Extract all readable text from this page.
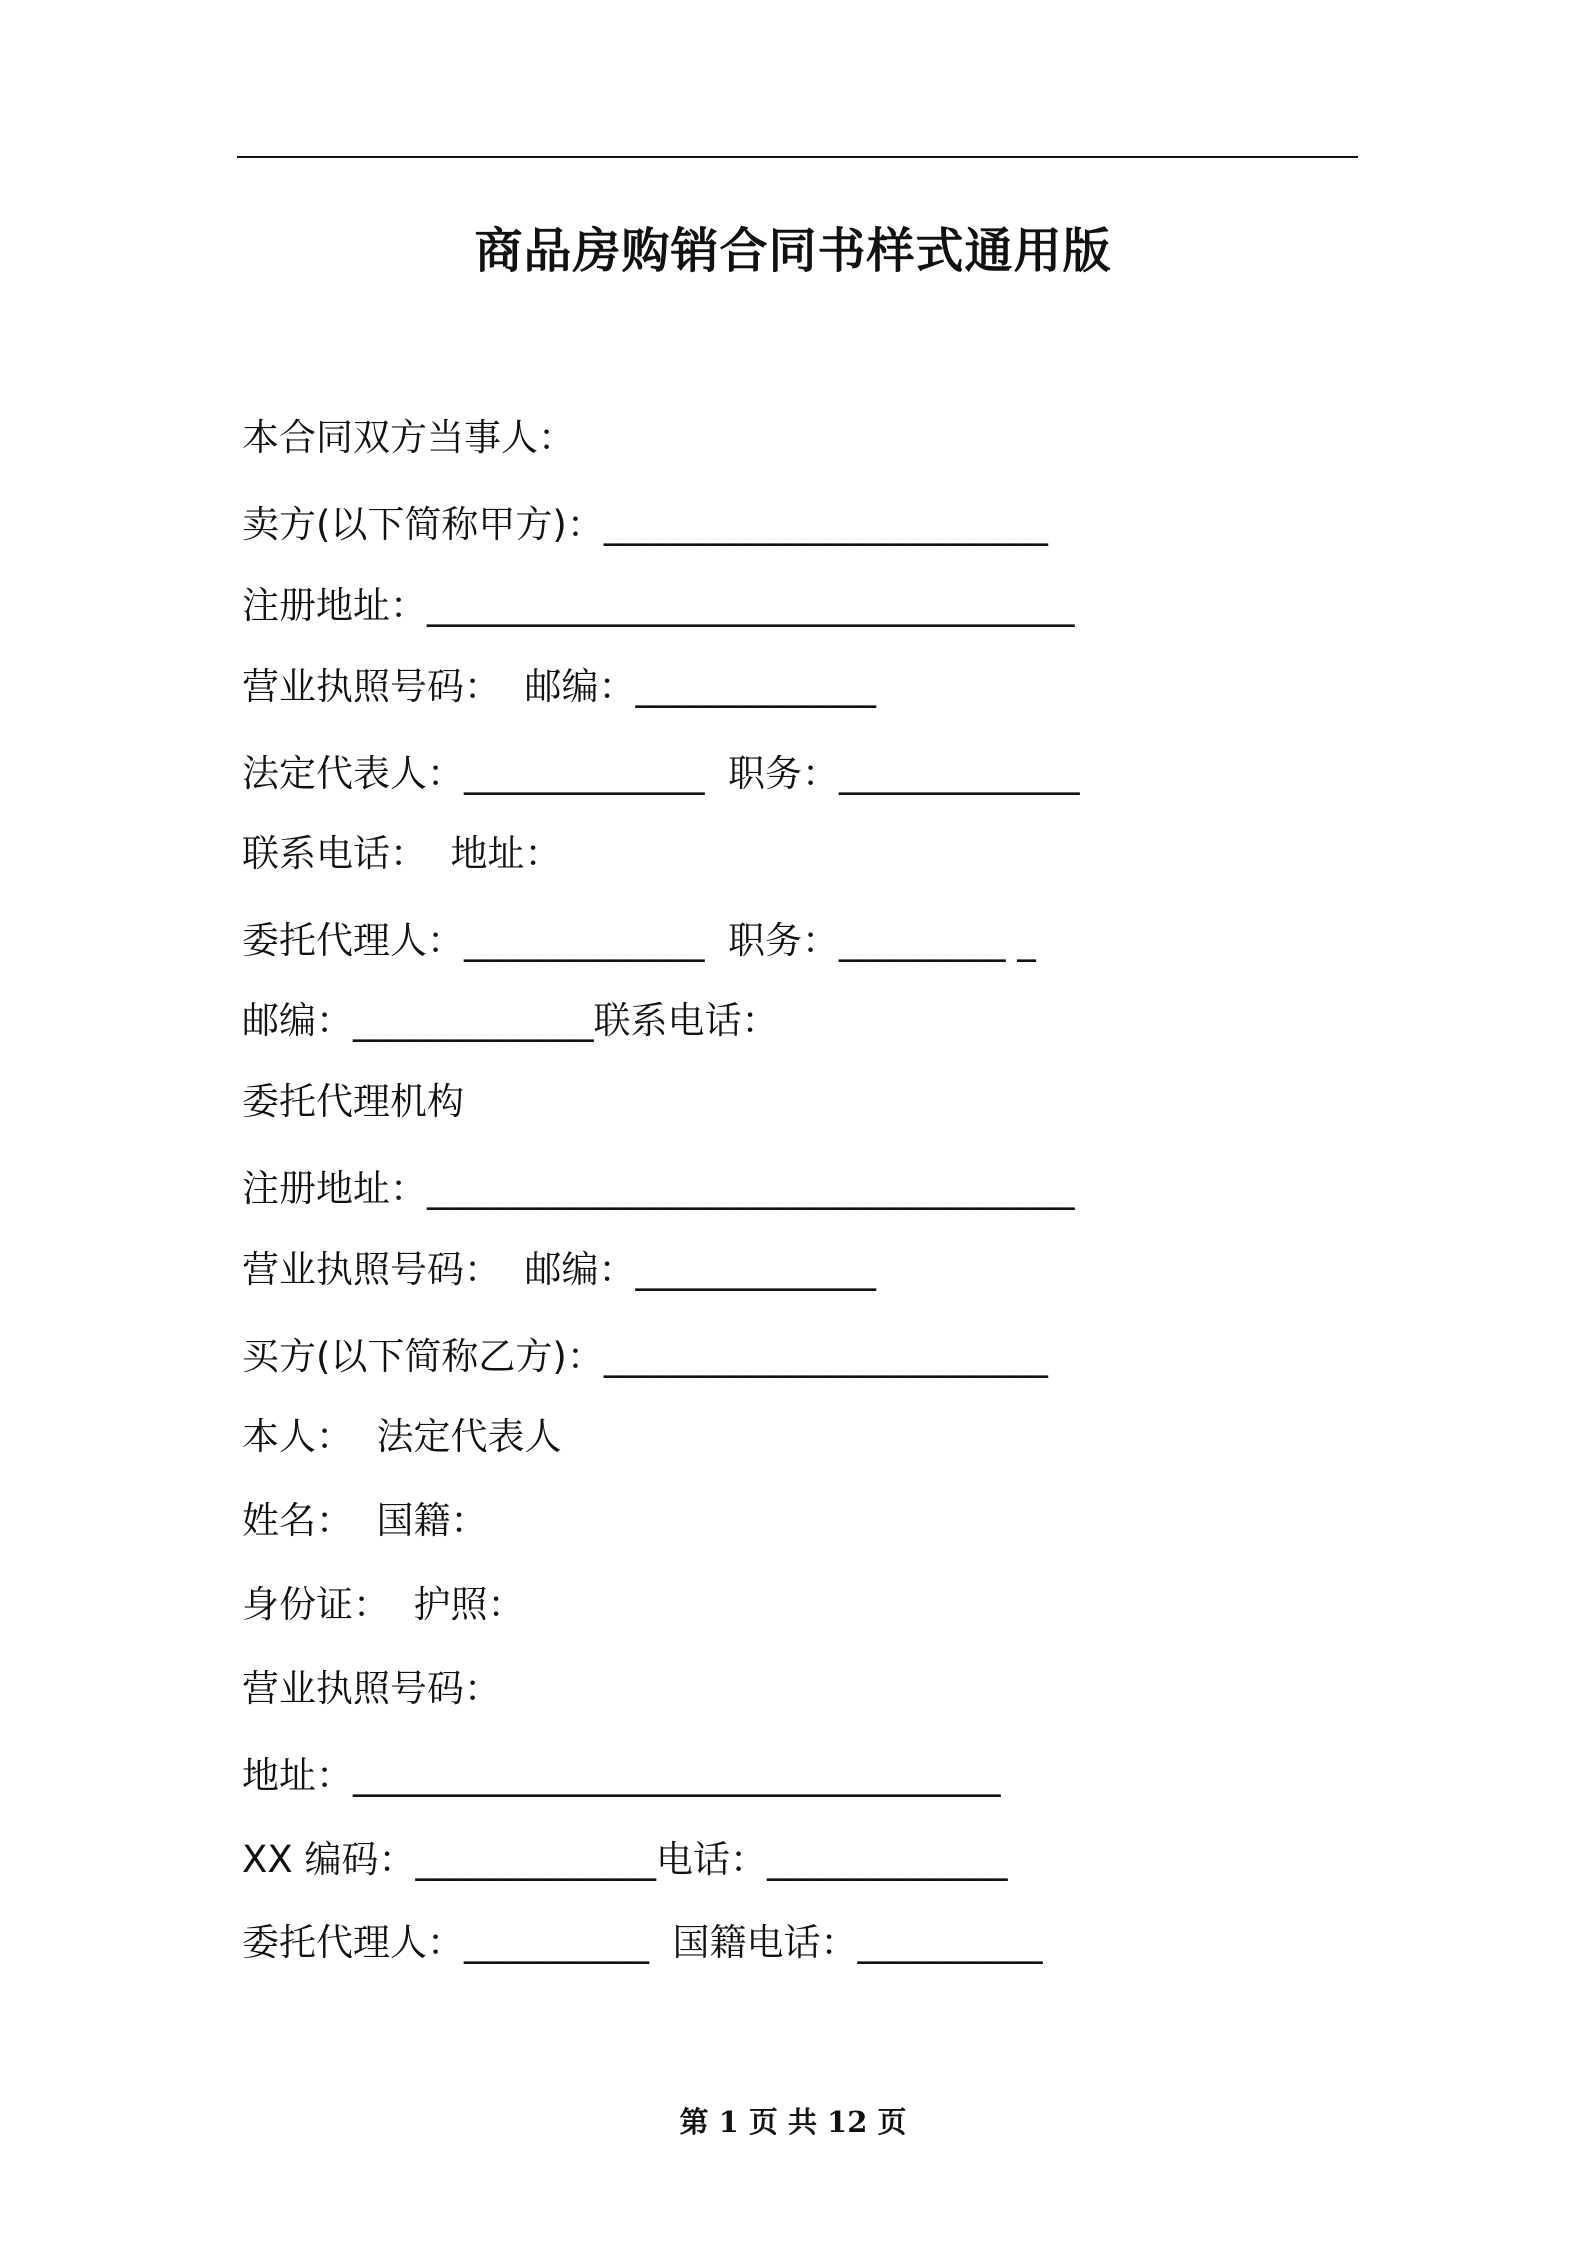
商品房购销合同书样式通用版
本合同双方当事人：
卖方(以下简称甲方)：________________________
注册地址：___________________________________
营业执照号码：  邮编：_____________
法定代表人：_____________  职务：_____________
联系电话：  地址：
委托代理人：_____________  职务：_________ _
邮编：_____________联系电话：
委托代理机构
注册地址：___________________________________
营业执照号码：  邮编：_____________
买方(以下简称乙方)：________________________
本人：  法定代表人
姓名：  国籍：
身份证：  护照：
营业执照号码：
地址：___________________________________
XX 编码：_____________电话：_____________
委托代理人：__________  国籍电话：__________
第 1 页 共 12 页
